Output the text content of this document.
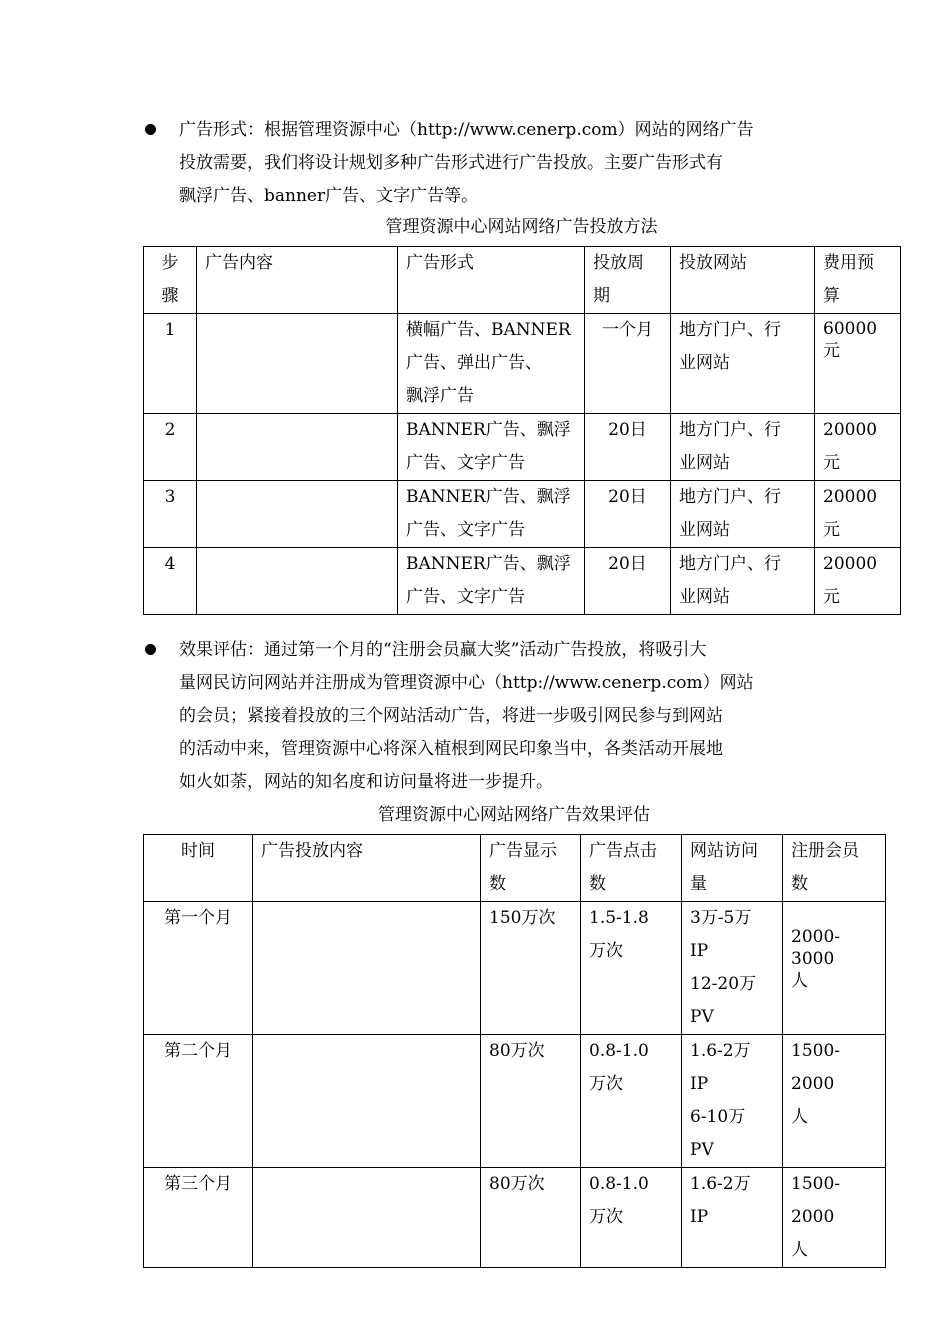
广告形式：根据管理资源中心（http://www.cenerp.com）网站的网络广告
投放需要，我们将设计规划多种广告形式进行广告投放。主要广告形式有
飘浮广告、banner广告、文字广告等。
管理资源中心网站网络广告投放方法
步
骤	广告内容	广告形式	投放周
期	投放网站	费用预
算
1		横幅广告、BANNER
广告、弹出广告、
飘浮广告	一个月	地方门户、行
业网站	60000
元
2		BANNER广告、飘浮
广告、文字广告	20日	地方门户、行
业网站	20000
元
3		BANNER广告、飘浮
广告、文字广告	20日	地方门户、行
业网站	20000
元
4		BANNER广告、飘浮
广告、文字广告	20日	地方门户、行
业网站	20000
元
效果评估：通过第一个月的“注册会员赢大奖”活动广告投放，将吸引大
量网民访问网站并注册成为管理资源中心（http://www.cenerp.com）网站
的会员；紧接着投放的三个网站活动广告，将进一步吸引网民参与到网站
的活动中来，管理资源中心将深入植根到网民印象当中，各类活动开展地
如火如荼，网站的知名度和访问量将进一步提升。
管理资源中心网站网络广告效果评估
时间	广告投放内容	广告显示
数	广告点击
数	网站访问
量	注册会员
数
第一个月		150万次	1.5-1.8
万次	3万-5万
IP
12-20万
PV	2000-3000
人
第二个月		80万次	0.8-1.0
万次	1.6-2万
IP
6-10万
PV	1500-2000
人
第三个月		80万次	0.8-1.0
万次	1.6-2万
IP	1500-2000
人
